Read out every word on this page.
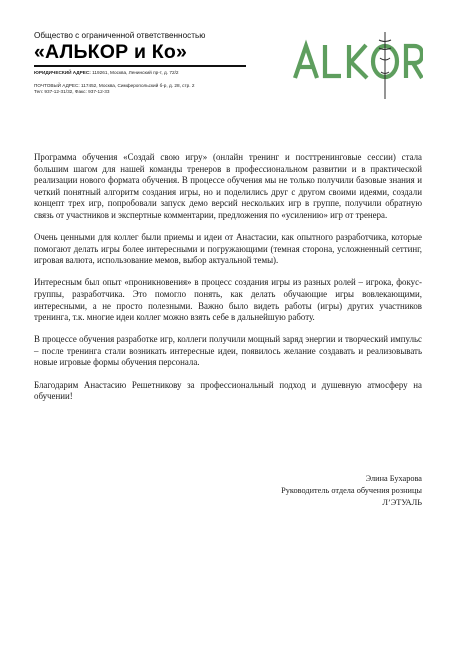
Общество с ограниченной ответственностью
«АЛЬКОР и Ко»
ЮРИДИЧЕСКИЙ АДРЕС: 119261, Москва, Ленинский пр-т, д. 72/2
ПОЧТОВЫЙ АДРЕС: 117452, Москва, Симферопольский б-р, д. 28, стр. 2
Тел: 937-12-31/32, Факс: 937-12-33

Программа обучения «Создай свою игру» (онлайн тренинг и посттренинговые сесcии) стала большим шагом для нашей команды тренеров в профессиональном развитии и в практической реализации нового формата обучения. В процессе обучения мы не только получили базовые знания и четкий понятный алгоритм создания игры, но и поделились друг с другом своими идеями, создали концепт трех игр, попробовали запуск демо версий нескольких игр в группе, получили обратную связь от участников и экспертные комментарии, предложения по «усилению» игр от тренера.

Очень ценными для коллег были приемы и идеи от Анастасии, как опытного разработчика, которые помогают делать игры более интересными и погружающими (темная сторона, усложненный сеттинг, игровая валюта, использование мемов, выбор актуальной темы).

Интересным был опыт «проникновения» в процесс создания игры из разных ролей – игрока, фокус-группы, разработчика. Это помогло понять, как делать обучающие игры вовлекающими, интересными, а не просто полезными. Важно было видеть работы (игры) других участников тренинга, т.к. многие идеи коллег можно взять себе в дальнейшую работу.

В процессе обучения разработке игр, коллеги получили мощный заряд энергии и творческий импульс – после тренинга стали возникать интересные идеи, появилось желание создавать и реализовывать новые игровые формы обучения персонала.

Благодарим Анастасию Решетникову за профессиональный подход и душевную атмосферу на обучении!

Элина Бухарова
Руководитель отдела обучения розницы
Л’ЭТУАЛЬ
